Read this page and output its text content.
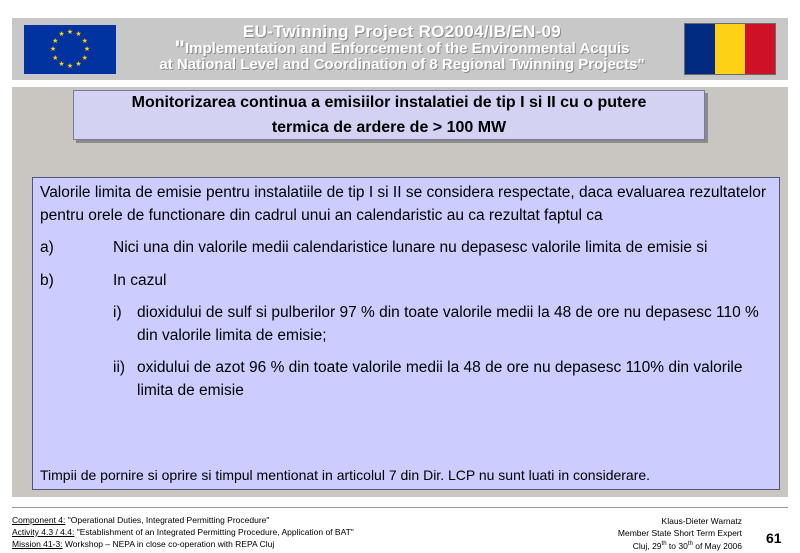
★ ★
★
★
★
★
★
★
★
★
★
★	EU-Twinning Project RO2004/IB/EN-09
"Implementation and Enforcement of the Environmental Acquis
at National Level and Coordination of 8 Regional Twinning Projects"
Monitorizarea continua a emisiilor instalatiei de tip I si II cu o putere
termica de ardere de > 100 MW

Valorile limita de emisie pentru instalatiile de tip I si II se considera respectate, daca evaluarea rezultatelor pentru orele de functionare din cadrul unui an calendaristic au ca rezultat faptul ca

a)	Nici una din valorile medii calendaristice lunare nu depasesc valorile limita de emisie si
b)	In cazul
i) dioxidului de sulf si pulberilor 97 % din toate valorile medii la 48 de ore nu depasesc 110 % din valorile limita de emisie;
ii) oxidului de azot 96 % din toate valorile medii la 48 de ore nu depasesc 110% din valorile limita de emisie

Timpii de pornire si oprire si timpul mentionat in articolul 7 din Dir. LCP nu sunt luati in considerare.

Component 4: "Operational Duties, Integrated Permitting Procedure"
Activity 4.3 / 4.4: "Establishment of an Integrated Permitting Procedure, Application of BAT"
Mission 41-3: Workshop – NEPA in close co-operation with REPA Cluj
Klaus-Dieter Warnatz
Member State Short Term Expert
Cluj, 29th to 30th of May 2006 61
